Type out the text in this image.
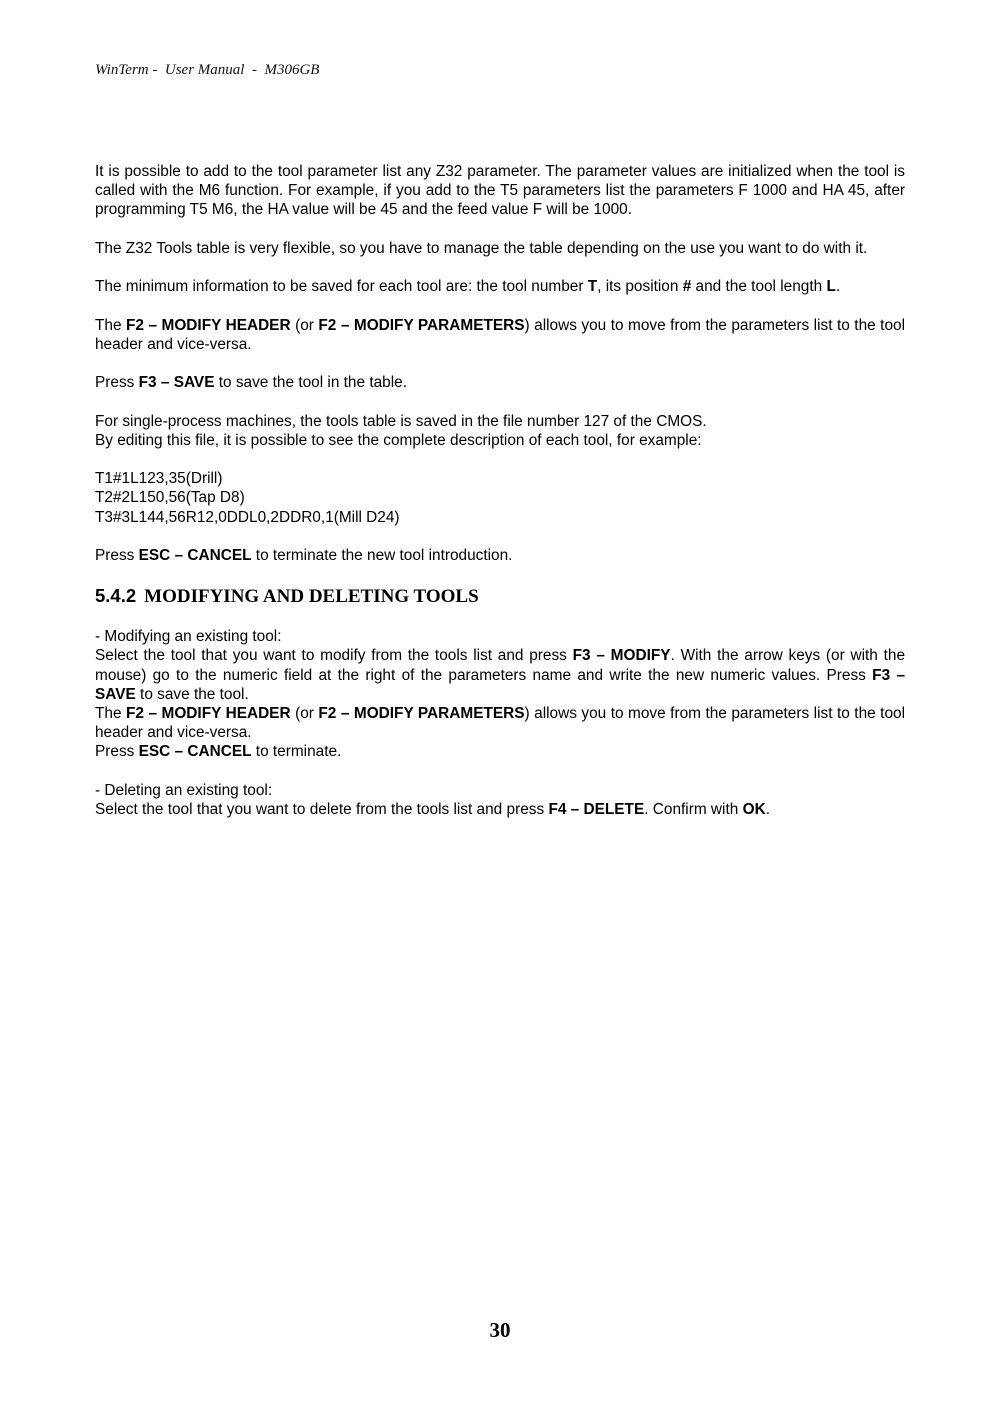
WinTerm -  User Manual  -  M306GB

It is possible to add to the tool parameter list any Z32 parameter. The parameter values are initialized when the tool is called with the M6 function. For example, if you add to the T5 parameters list the parameters F 1000 and HA 45, after programming T5 M6, the HA value will be 45 and the feed value F will be 1000.

The Z32 Tools table is very flexible, so you have to manage the table depending on the use you want to do with it.

The minimum information to be saved for each tool are: the tool number T, its position # and the tool length L.

The F2 – MODIFY HEADER (or F2 – MODIFY PARAMETERS) allows you to move from the parameters list to the tool header and vice-versa.

Press F3 – SAVE to save the tool in the table.

For single-process machines, the tools table is saved in the file number 127 of the CMOS.

By editing this file, it is possible to see the complete description of each tool, for example:

T1#1L123,35(Drill)

T2#2L150,56(Tap D8)

T3#3L144,56R12,0DDL0,2DDR0,1(Mill D24)

Press ESC – CANCEL to terminate the new tool introduction.

5.4.2 MODIFYING AND DELETING TOOLS

- Modifying an existing tool:

Select the tool that you want to modify from the tools list and press F3 – MODIFY. With the arrow keys (or with the mouse) go to the numeric field at the right of the parameters name and write the new numeric values. Press F3 – SAVE to save the tool.

The F2 – MODIFY HEADER (or F2 – MODIFY PARAMETERS) allows you to move from the parameters list to the tool header and vice-versa.

Press ESC – CANCEL to terminate.

- Deleting an existing tool:

Select the tool that you want to delete from the tools list and press F4 – DELETE. Confirm with OK.

30
